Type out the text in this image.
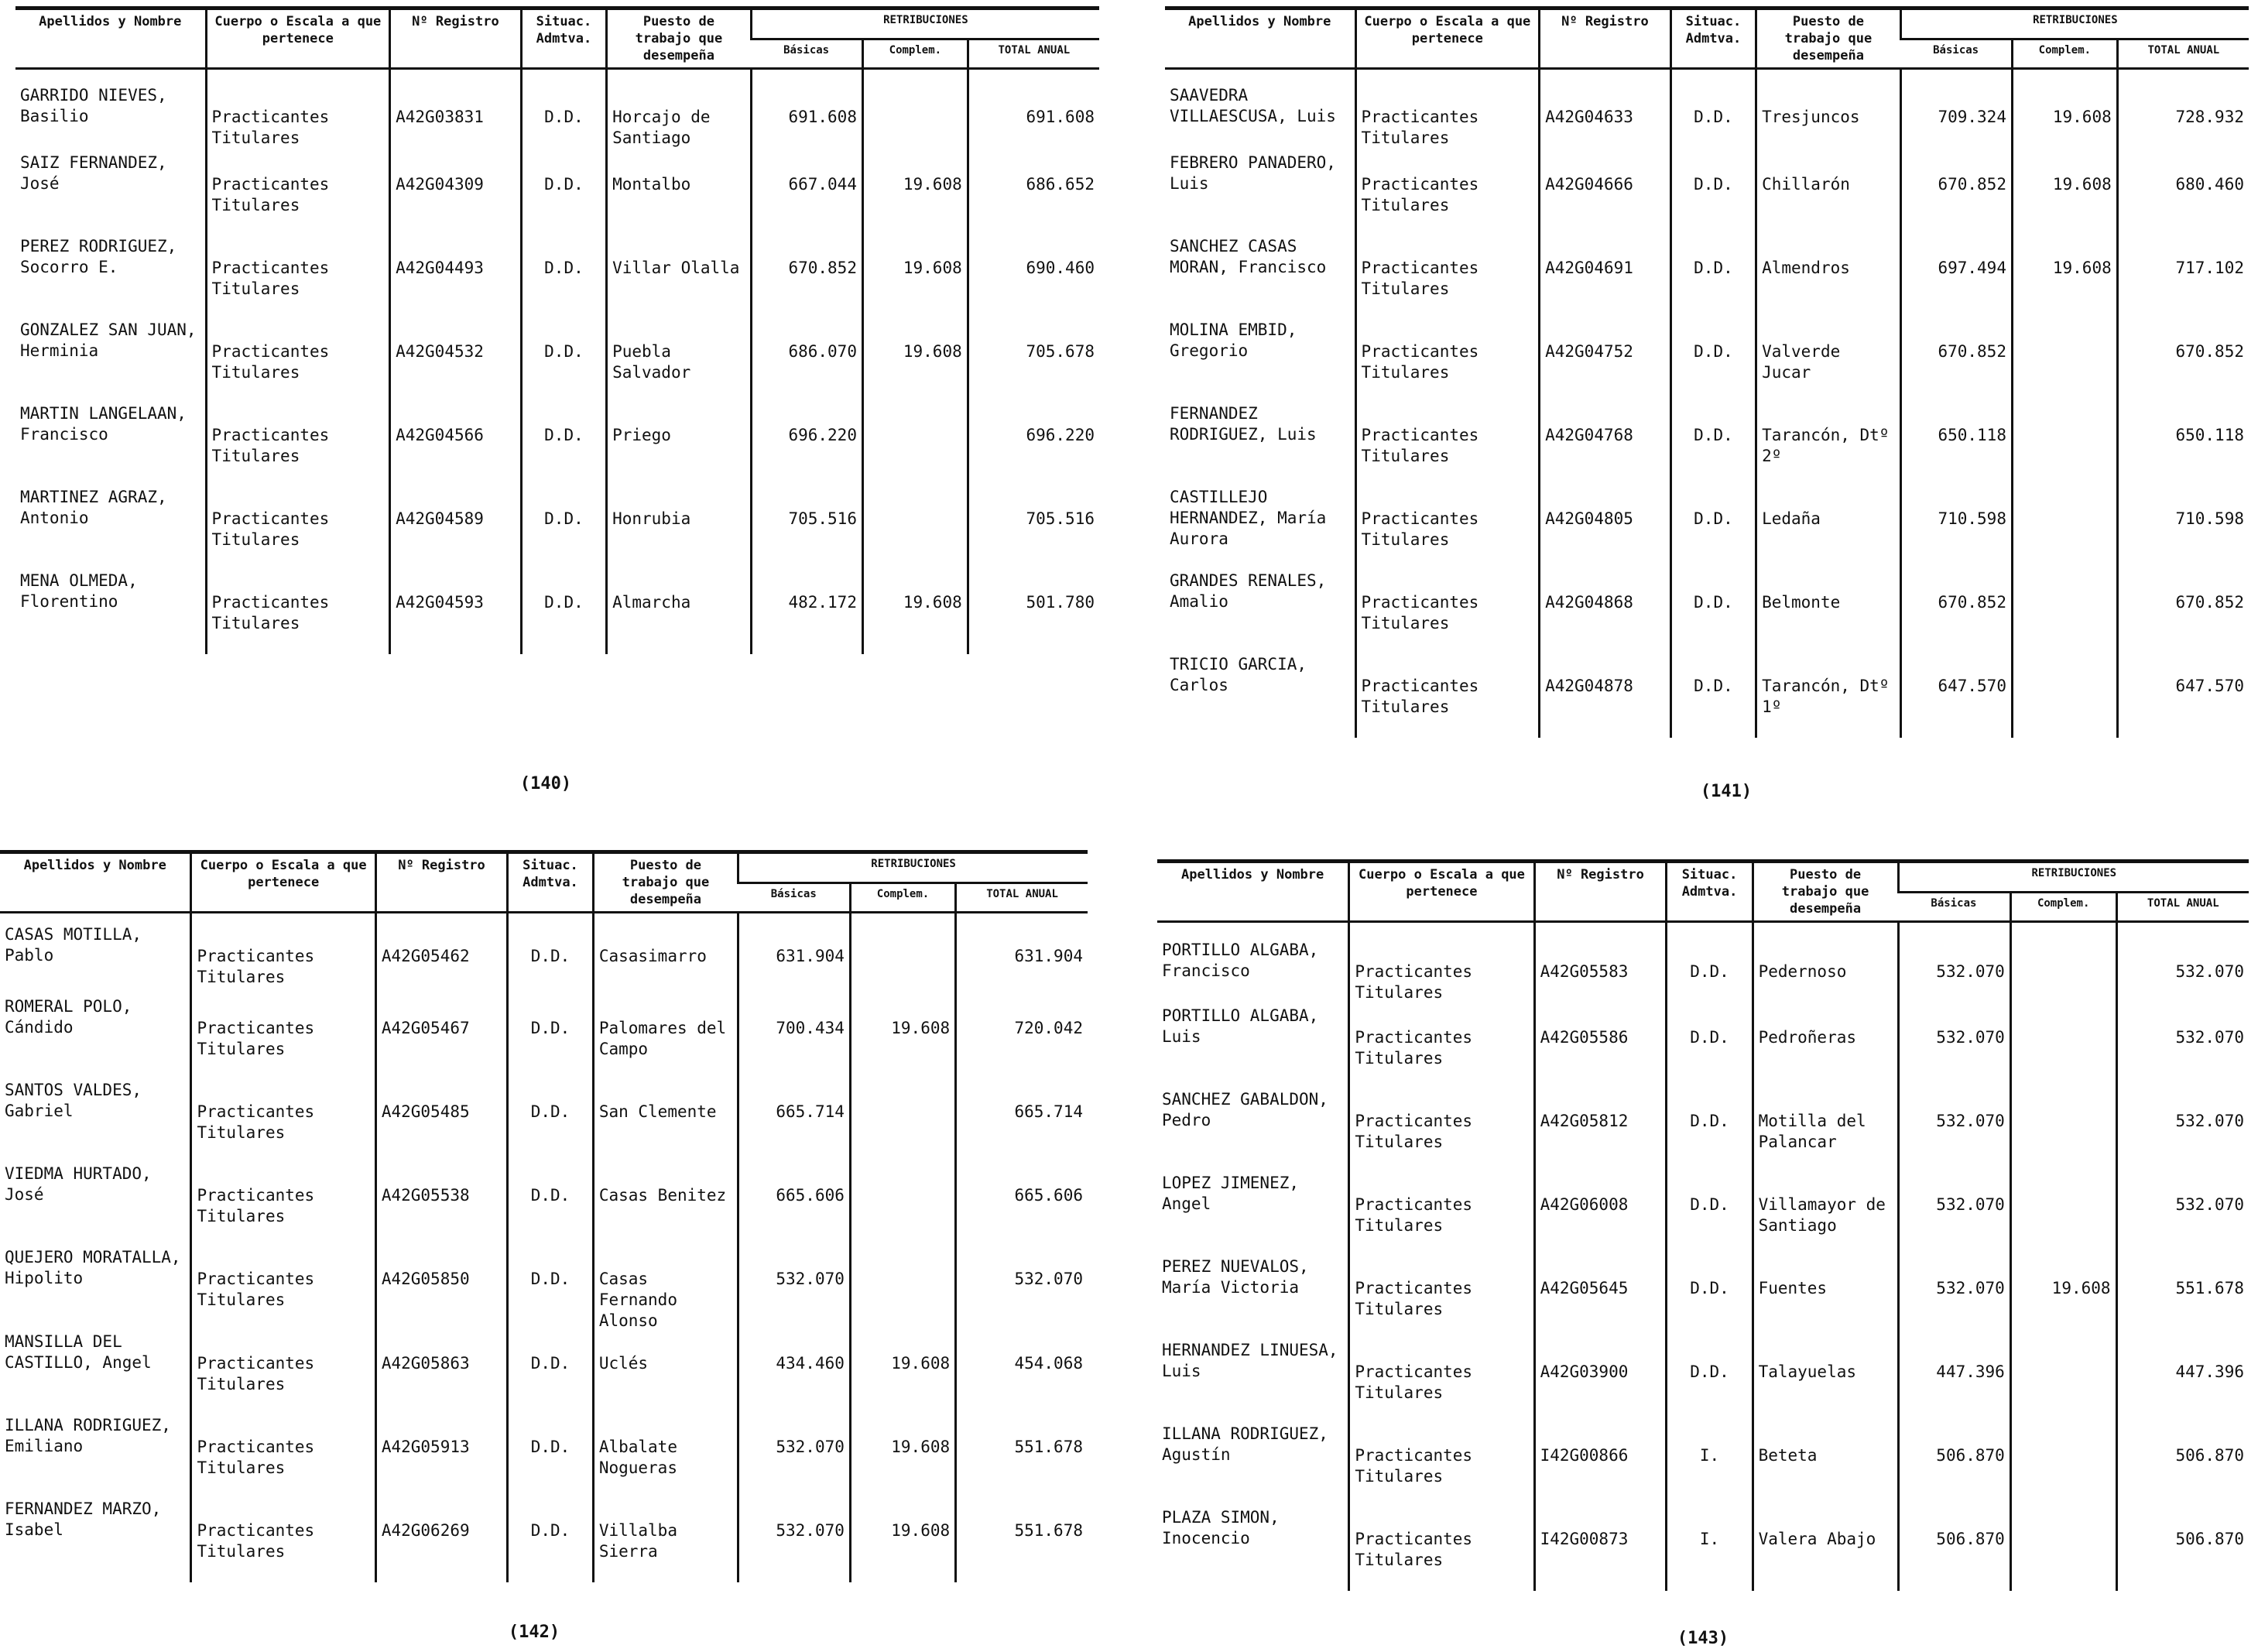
Apellidos y Nombre	Cuerpo o Escala a que pertenece	Nº Registro	Situac. Admtva.	Puesto de trabajo que desempeña	RETRIBUCIONES		
					Básicas	Complem.	TOTAL ANUAL
GARRIDO NIEVES, Basilio	Practicantes Titulares	A42G03831	D.D.	Horcajo de Santiago	691.608		691.608
SAIZ FERNANDEZ, José	Practicantes Titulares	A42G04309	D.D.	Montalbo	667.044	19.608	686.652
PEREZ RODRIGUEZ, Socorro E.	Practicantes Titulares	A42G04493	D.D.	Villar Olalla	670.852	19.608	690.460
GONZALEZ SAN JUAN, Herminia	Practicantes Titulares	A42G04532	D.D.	Puebla Salvador	686.070	19.608	705.678
MARTIN LANGELAAN, Francisco	Practicantes Titulares	A42G04566	D.D.	Priego	696.220		696.220
MARTINEZ AGRAZ, Antonio	Practicantes Titulares	A42G04589	D.D.	Honrubia	705.516		705.516
MENA OLMEDA, Florentino	Practicantes Titulares	A42G04593	D.D.	Almarcha	482.172	19.608	501.780
(140)
Apellidos y Nombre	Cuerpo o Escala a que pertenece	Nº Registro	Situac. Admtva.	Puesto de trabajo que desempeña	RETRIBUCIONES		
					Básicas	Complem.	TOTAL ANUAL
SAAVEDRA VILLAESCUSA, Luis	Practicantes Titulares	A42G04633	D.D.	Tresjuncos	709.324	19.608	728.932
FEBRERO PANADERO, Luis	Practicantes Titulares	A42G04666	D.D.	Chillarón	670.852	19.608	680.460
SANCHEZ CASAS MORAN, Francisco	Practicantes Titulares	A42G04691	D.D.	Almendros	697.494	19.608	717.102
MOLINA EMBID, Gregorio	Practicantes Titulares	A42G04752	D.D.	Valverde Jucar	670.852		670.852
FERNANDEZ RODRIGUEZ, Luis	Practicantes Titulares	A42G04768	D.D.	Tarancón, Dtº 2º	650.118		650.118
CASTILLEJO HERNANDEZ, María Aurora	Practicantes Titulares	A42G04805	D.D.	Ledaña	710.598		710.598
GRANDES RENALES, Amalio	Practicantes Titulares	A42G04868	D.D.	Belmonte	670.852		670.852
TRICIO GARCIA, Carlos	Practicantes Titulares	A42G04878	D.D.	Tarancón, Dtº 1º	647.570		647.570
(141)
Apellidos y Nombre	Cuerpo o Escala a que pertenece	Nº Registro	Situac. Admtva.	Puesto de trabajo que desempeña	RETRIBUCIONES		
					Básicas	Complem.	TOTAL ANUAL
CASAS MOTILLA, Pablo	Practicantes Titulares	A42G05462	D.D.	Casasimarro	631.904		631.904
ROMERAL POLO, Cándido	Practicantes Titulares	A42G05467	D.D.	Palomares del Campo	700.434	19.608	720.042
SANTOS VALDES, Gabriel	Practicantes Titulares	A42G05485	D.D.	San Clemente	665.714		665.714
VIEDMA HURTADO, José	Practicantes Titulares	A42G05538	D.D.	Casas Benitez	665.606		665.606
QUEJERO MORATALLA, Hipolito	Practicantes Titulares	A42G05850	D.D.	Casas Fernando Alonso	532.070		532.070
MANSILLA DEL CASTILLO, Angel	Practicantes Titulares	A42G05863	D.D.	Uclés	434.460	19.608	454.068
ILLANA RODRIGUEZ, Emiliano	Practicantes Titulares	A42G05913	D.D.	Albalate Nogueras	532.070	19.608	551.678
FERNANDEZ MARZO, Isabel	Practicantes Titulares	A42G06269	D.D.	Villalba Sierra	532.070	19.608	551.678
(142)
Apellidos y Nombre	Cuerpo o Escala a que pertenece	Nº Registro	Situac. Admtva.	Puesto de trabajo que desempeña	RETRIBUCIONES		
					Básicas	Complem.	TOTAL ANUAL
PORTILLO ALGABA, Francisco	Practicantes Titulares	A42G05583	D.D.	Pedernoso	532.070		532.070
PORTILLO ALGABA, Luis	Practicantes Titulares	A42G05586	D.D.	Pedroñeras	532.070		532.070
SANCHEZ GABALDON, Pedro	Practicantes Titulares	A42G05812	D.D.	Motilla del Palancar	532.070		532.070
LOPEZ JIMENEZ, Angel	Practicantes Titulares	A42G06008	D.D.	Villamayor de Santiago	532.070		532.070
PEREZ NUEVALOS, María Victoria	Practicantes Titulares	A42G05645	D.D.	Fuentes	532.070	19.608	551.678
HERNANDEZ LINUESA, Luis	Practicantes Titulares	A42G03900	D.D.	Talayuelas	447.396		447.396
ILLANA RODRIGUEZ, Agustín	Practicantes Titulares	I42G00866	I.	Beteta	506.870		506.870
PLAZA SIMON, Inocencio	Practicantes Titulares	I42G00873	I.	Valera Abajo	506.870		506.870
(143)
